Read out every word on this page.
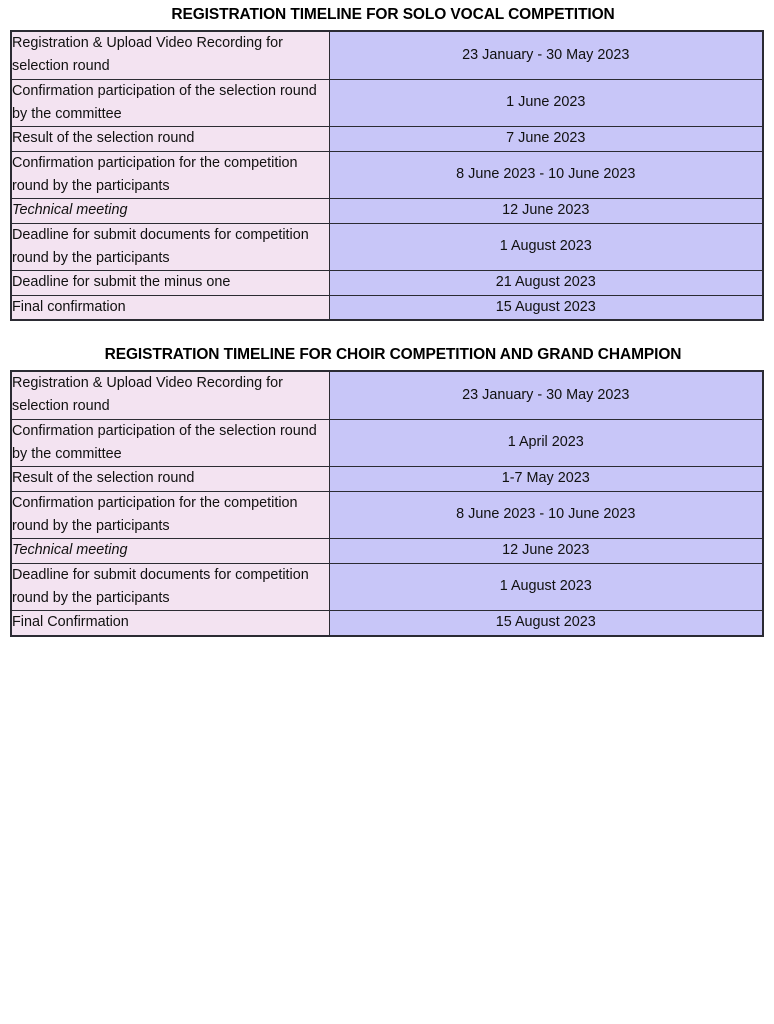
REGISTRATION TIMELINE FOR SOLO VOCAL COMPETITION
Registration & Upload Video Recording for selection round	23 January - 30 May 2023

Confirmation participation of the selection round by the committee	1 June 2023

Result of the selection round	7 June 2023

Confirmation participation for the competition round by the participants	8 June 2023 - 10 June 2023

Technical meeting	12 June 2023

Deadline for submit documents for competition round by the participants	1 August 2023

Deadline for submit the minus one	21 August 2023

Final confirmation	15 August 2023
REGISTRATION TIMELINE FOR CHOIR COMPETITION AND GRAND CHAMPION
Registration & Upload Video Recording for selection round	23 January - 30 May 2023

Confirmation participation of the selection round by the committee	1 April 2023

Result of the selection round	1-7 May 2023

Confirmation participation for the competition round by the participants	8 June 2023 - 10 June 2023

Technical meeting	12 June 2023

Deadline for submit documents for competition round by the participants	1 August 2023

Final Confirmation	15 August 2023
